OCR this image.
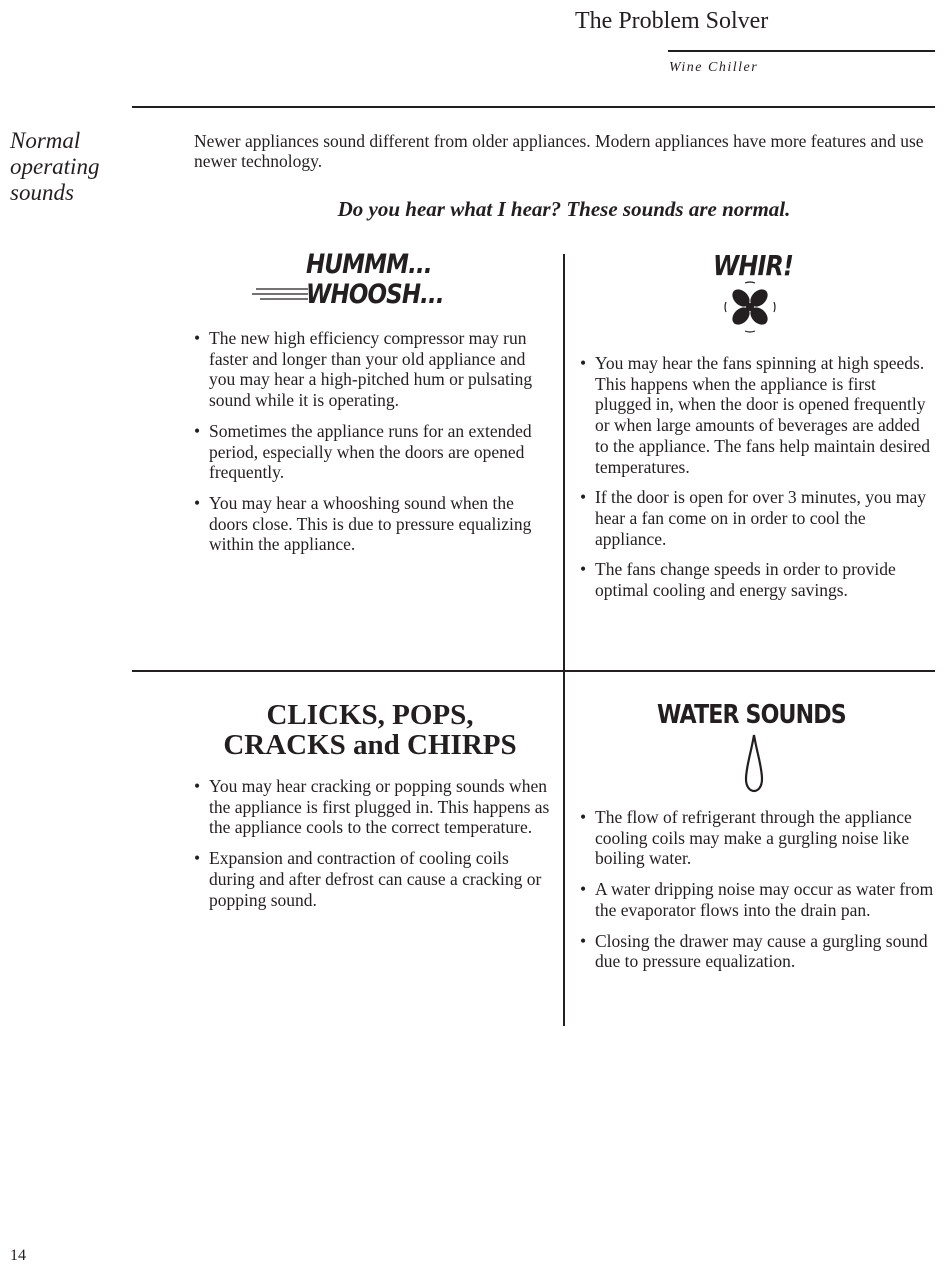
The Problem Solver
Wine Chiller
Normal
operating
sounds
Newer appliances sound different from older appliances. Modern appliances have more features and use newer technology.
Do you hear what I hear? These sounds are normal.
HUMMM...
WHOOSH...
• The new high efficiency compressor may run faster and longer than your old appliance and you may hear a high-pitched hum or pulsating sound while it is operating.
• Sometimes the appliance runs for an extended period, especially when the doors are opened frequently.
• You may hear a whooshing sound when the doors close. This is due to pressure equalizing within the appliance.
WHIR!
• You may hear the fans spinning at high speeds. This happens when the appliance is first plugged in, when the door is opened frequently or when large amounts of beverages are added to the appliance. The fans help maintain desired temperatures.
• If the door is open for over 3 minutes, you may hear a fan come on in order to cool the appliance.
• The fans change speeds in order to provide optimal cooling and energy savings.
CLICKS, POPS,
CRACKS and CHIRPS
• You may hear cracking or popping sounds when the appliance is first plugged in. This happens as the appliance cools to the correct temperature.
• Expansion and contraction of cooling coils during and after defrost can cause a cracking or popping sound.
WATER SOUNDS
• The flow of refrigerant through the appliance cooling coils may make a gurgling noise like boiling water.
• A water dripping noise may occur as water from the evaporator flows into the drain pan.
• Closing the drawer may cause a gurgling sound due to pressure equalization.
14
